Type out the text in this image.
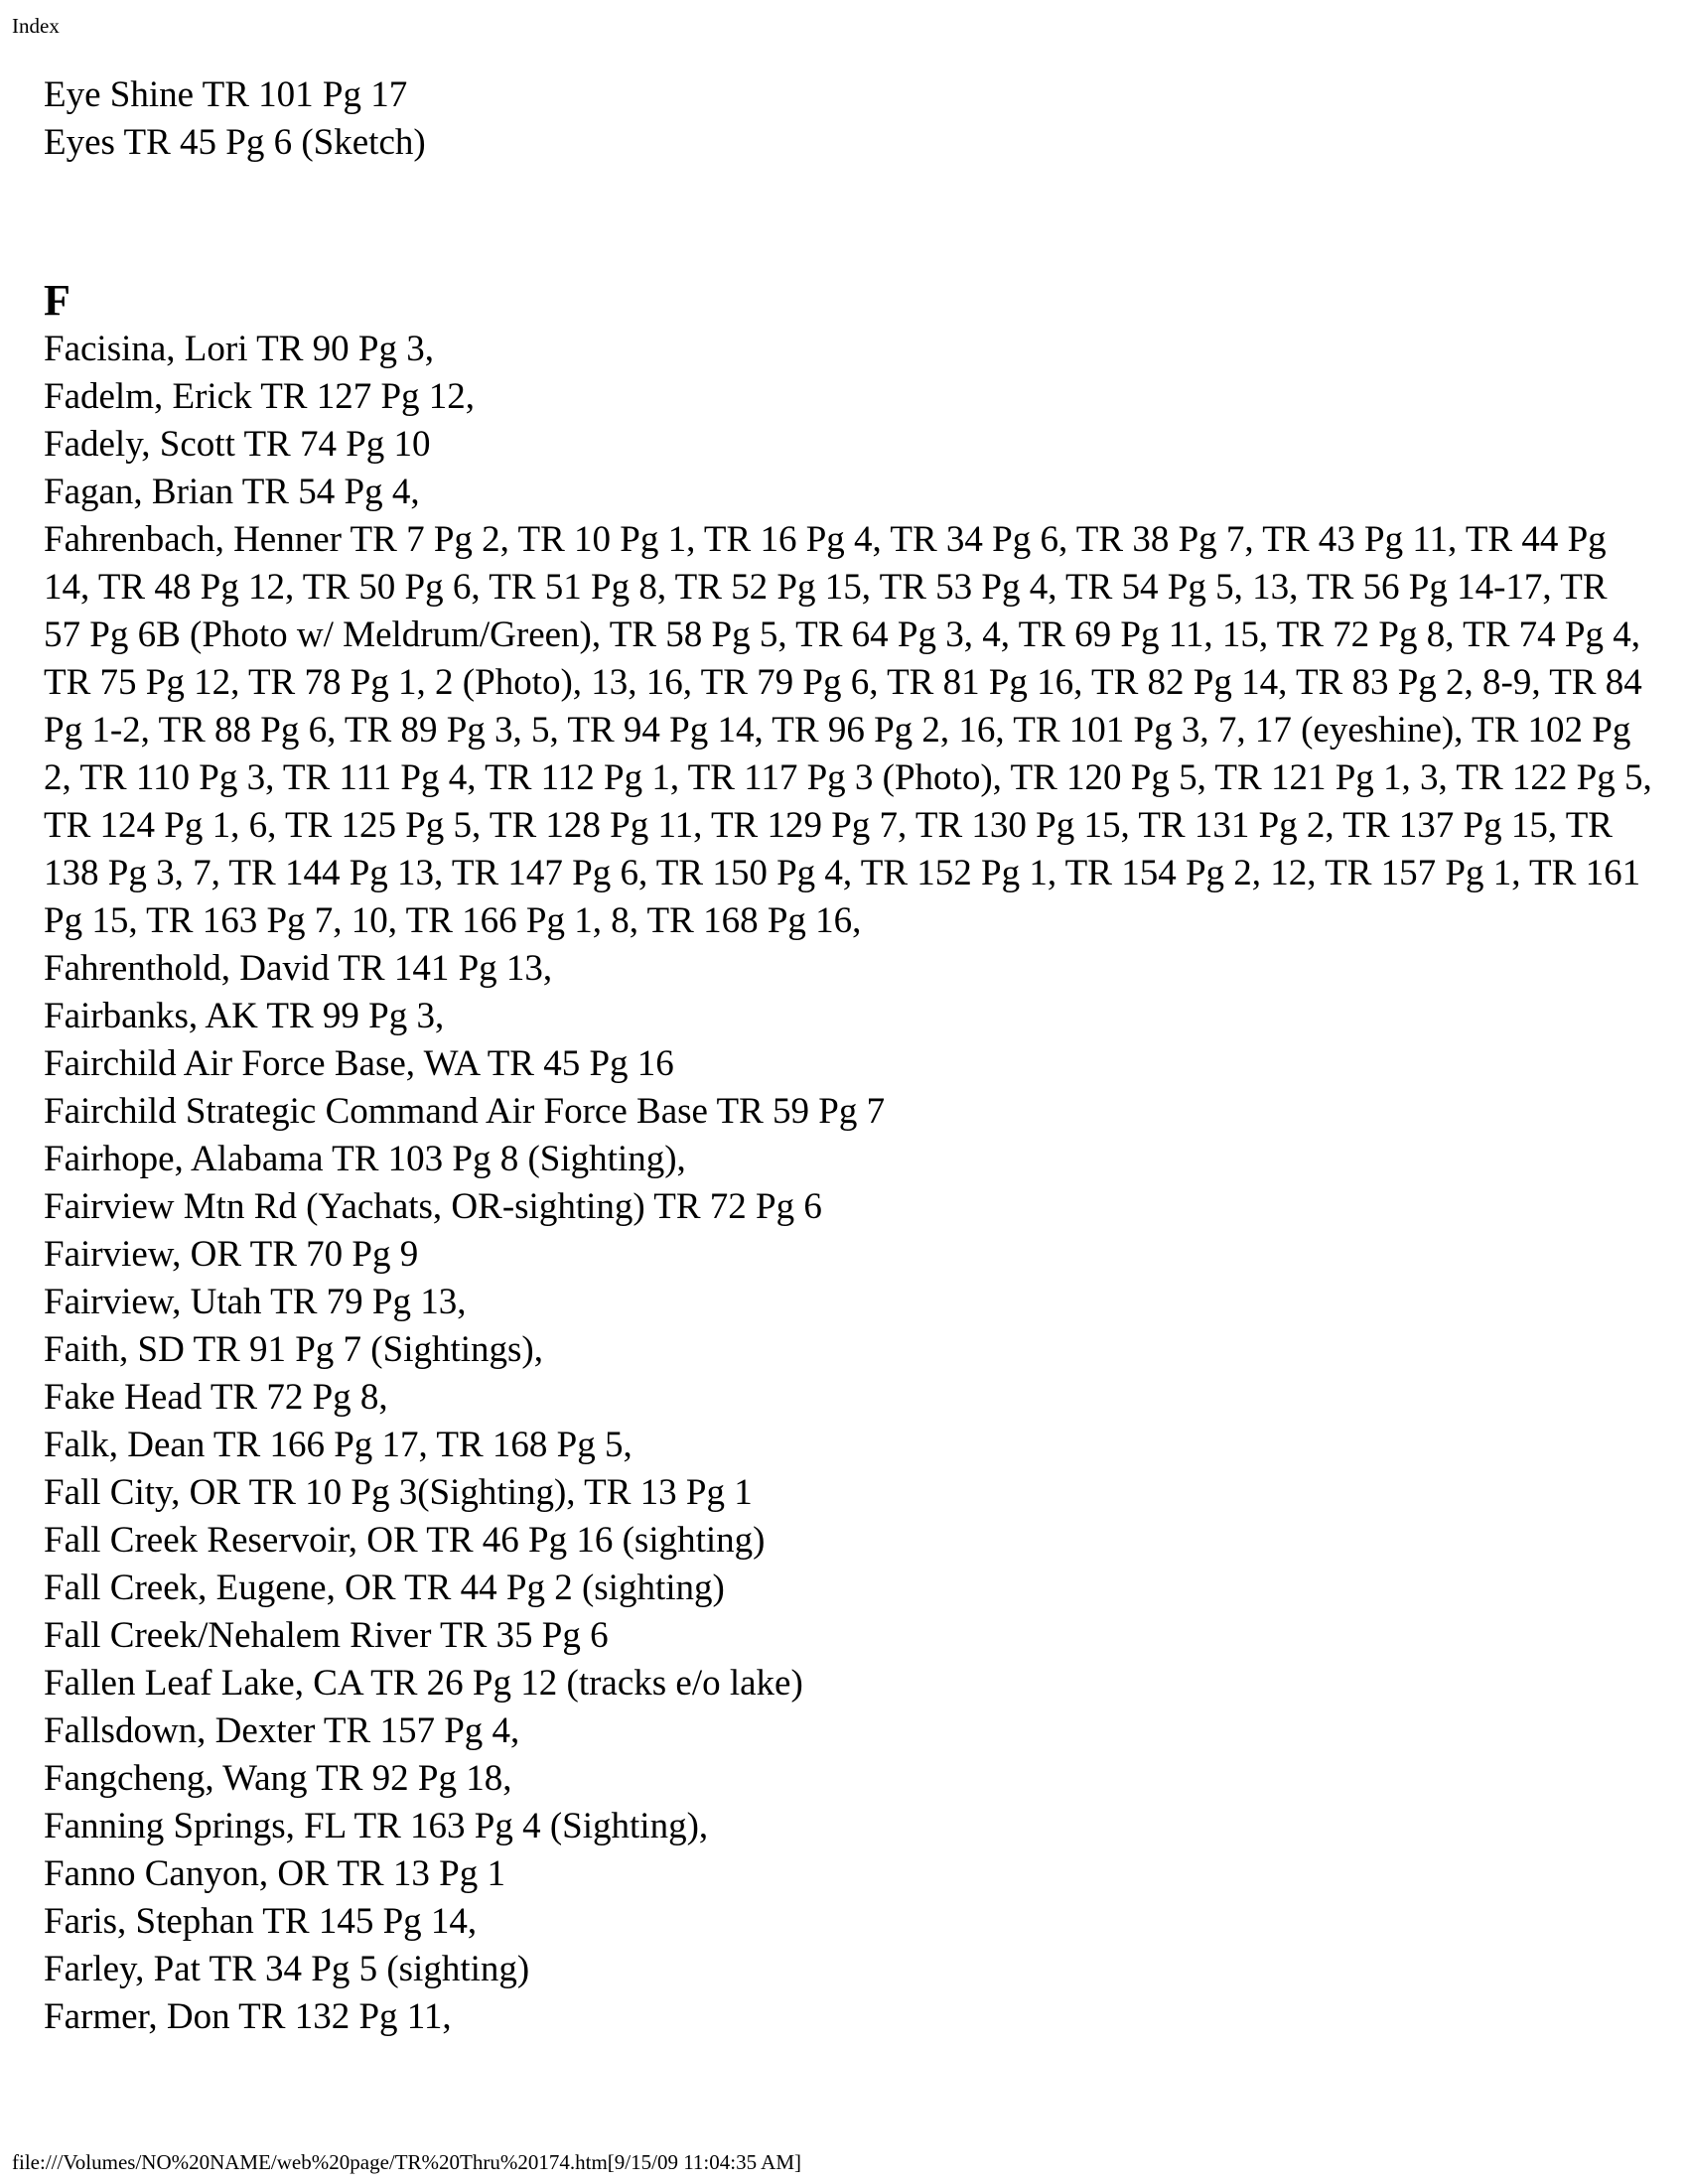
Index

Eye Shine TR 101 Pg 17

Eyes TR 45 Pg 6 (Sketch)

F

Facisina, Lori TR 90 Pg 3,

Fadelm, Erick TR 127 Pg 12,

Fadely, Scott TR 74 Pg 10

Fagan, Brian TR 54 Pg 4,

Fahrenbach, Henner TR 7 Pg 2, TR 10 Pg 1, TR 16 Pg 4, TR 34 Pg 6, TR 38 Pg 7, TR 43 Pg 11, TR 44 Pg 14, TR 48 Pg 12, TR 50 Pg 6, TR 51 Pg 8, TR 52 Pg 15, TR 53 Pg 4, TR 54 Pg 5, 13, TR 56 Pg 14-17, TR 57 Pg 6B (Photo w/ Meldrum/Green), TR 58 Pg 5, TR 64 Pg 3, 4, TR 69 Pg 11, 15, TR 72 Pg 8, TR 74 Pg 4, TR 75 Pg 12, TR 78 Pg 1, 2 (Photo), 13, 16, TR 79 Pg 6, TR 81 Pg 16, TR 82 Pg 14, TR 83 Pg 2, 8-9, TR 84 Pg 1-2, TR 88 Pg 6, TR 89 Pg 3, 5, TR 94 Pg 14, TR 96 Pg 2, 16, TR 101 Pg 3, 7, 17 (eyeshine), TR 102 Pg 2, TR 110 Pg 3, TR 111 Pg 4, TR 112 Pg 1, TR 117 Pg 3 (Photo), TR 120 Pg 5, TR 121 Pg 1, 3, TR 122 Pg 5, TR 124 Pg 1, 6, TR 125 Pg 5, TR 128 Pg 11, TR 129 Pg 7, TR 130 Pg 15, TR 131 Pg 2, TR 137 Pg 15, TR 138 Pg 3, 7, TR 144 Pg 13, TR 147 Pg 6, TR 150 Pg 4, TR 152 Pg 1, TR 154 Pg 2, 12, TR 157 Pg 1, TR 161 Pg 15, TR 163 Pg 7, 10, TR 166 Pg 1, 8, TR 168 Pg 16,

Fahrenthold, David TR 141 Pg 13,

Fairbanks, AK TR 99 Pg 3,

Fairchild Air Force Base, WA TR 45 Pg 16

Fairchild Strategic Command Air Force Base TR 59 Pg 7

Fairhope, Alabama TR 103 Pg 8 (Sighting),

Fairview Mtn Rd (Yachats, OR-sighting) TR 72 Pg 6

Fairview, OR TR 70 Pg 9

Fairview, Utah TR 79 Pg 13,

Faith, SD TR 91 Pg 7 (Sightings),

Fake Head TR 72 Pg 8,

Falk, Dean TR 166 Pg 17, TR 168 Pg 5,

Fall City, OR TR 10 Pg 3(Sighting), TR 13 Pg 1

Fall Creek Reservoir, OR TR 46 Pg 16 (sighting)

Fall Creek, Eugene, OR TR 44 Pg 2 (sighting)

Fall Creek/Nehalem River TR 35 Pg 6

Fallen Leaf Lake, CA TR 26 Pg 12 (tracks e/o lake)

Fallsdown, Dexter TR 157 Pg 4,

Fangcheng, Wang TR 92 Pg 18,

Fanning Springs, FL TR 163 Pg 4 (Sighting),

Fanno Canyon, OR TR 13 Pg 1

Faris, Stephan TR 145 Pg 14,

Farley, Pat TR 34 Pg 5 (sighting)

Farmer, Don TR 132 Pg 11,

file:///Volumes/NO%20NAME/web%20page/TR%20Thru%20174.htm[9/15/09 11:04:35 AM]
